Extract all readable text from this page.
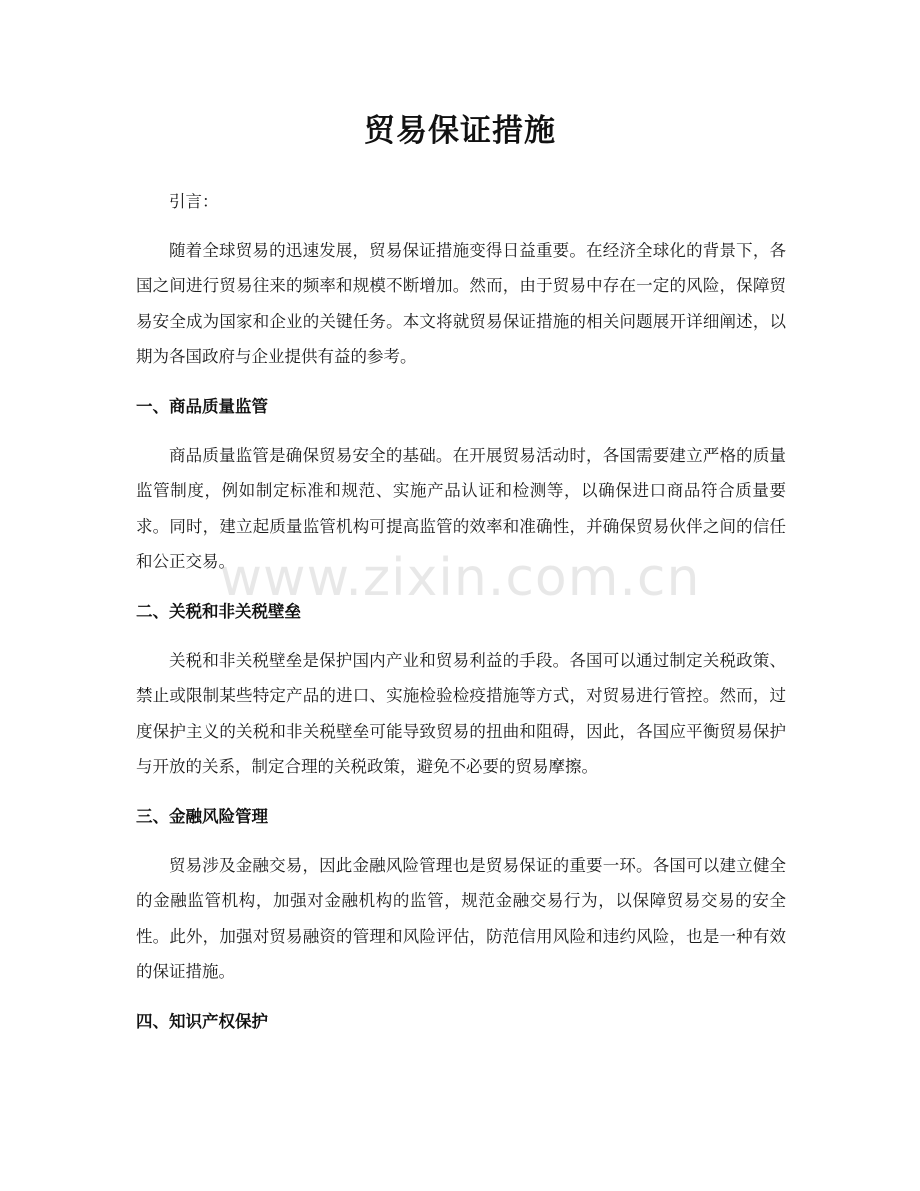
贸易保证措施

引言：

随着全球贸易的迅速发展，贸易保证措施变得日益重要。在经济全球化的背景下，各国之间进行贸易往来的频率和规模不断增加。然而，由于贸易中存在一定的风险，保障贸易安全成为国家和企业的关键任务。本文将就贸易保证措施的相关问题展开详细阐述，以期为各国政府与企业提供有益的参考。

一、商品质量监管

商品质量监管是确保贸易安全的基础。在开展贸易活动时，各国需要建立严格的质量监管制度，例如制定标准和规范、实施产品认证和检测等，以确保进口商品符合质量要求。同时，建立起质量监管机构可提高监管的效率和准确性，并确保贸易伙伴之间的信任和公正交易。

二、关税和非关税壁垒

关税和非关税壁垒是保护国内产业和贸易利益的手段。各国可以通过制定关税政策、禁止或限制某些特定产品的进口、实施检验检疫措施等方式，对贸易进行管控。然而，过度保护主义的关税和非关税壁垒可能导致贸易的扭曲和阻碍，因此，各国应平衡贸易保护与开放的关系，制定合理的关税政策，避免不必要的贸易摩擦。

三、金融风险管理

贸易涉及金融交易，因此金融风险管理也是贸易保证的重要一环。各国可以建立健全的金融监管机构，加强对金融机构的监管，规范金融交易行为，以保障贸易交易的安全性。此外，加强对贸易融资的管理和风险评估，防范信用风险和违约风险，也是一种有效的保证措施。

四、知识产权保护
www.zixin.com.cn
